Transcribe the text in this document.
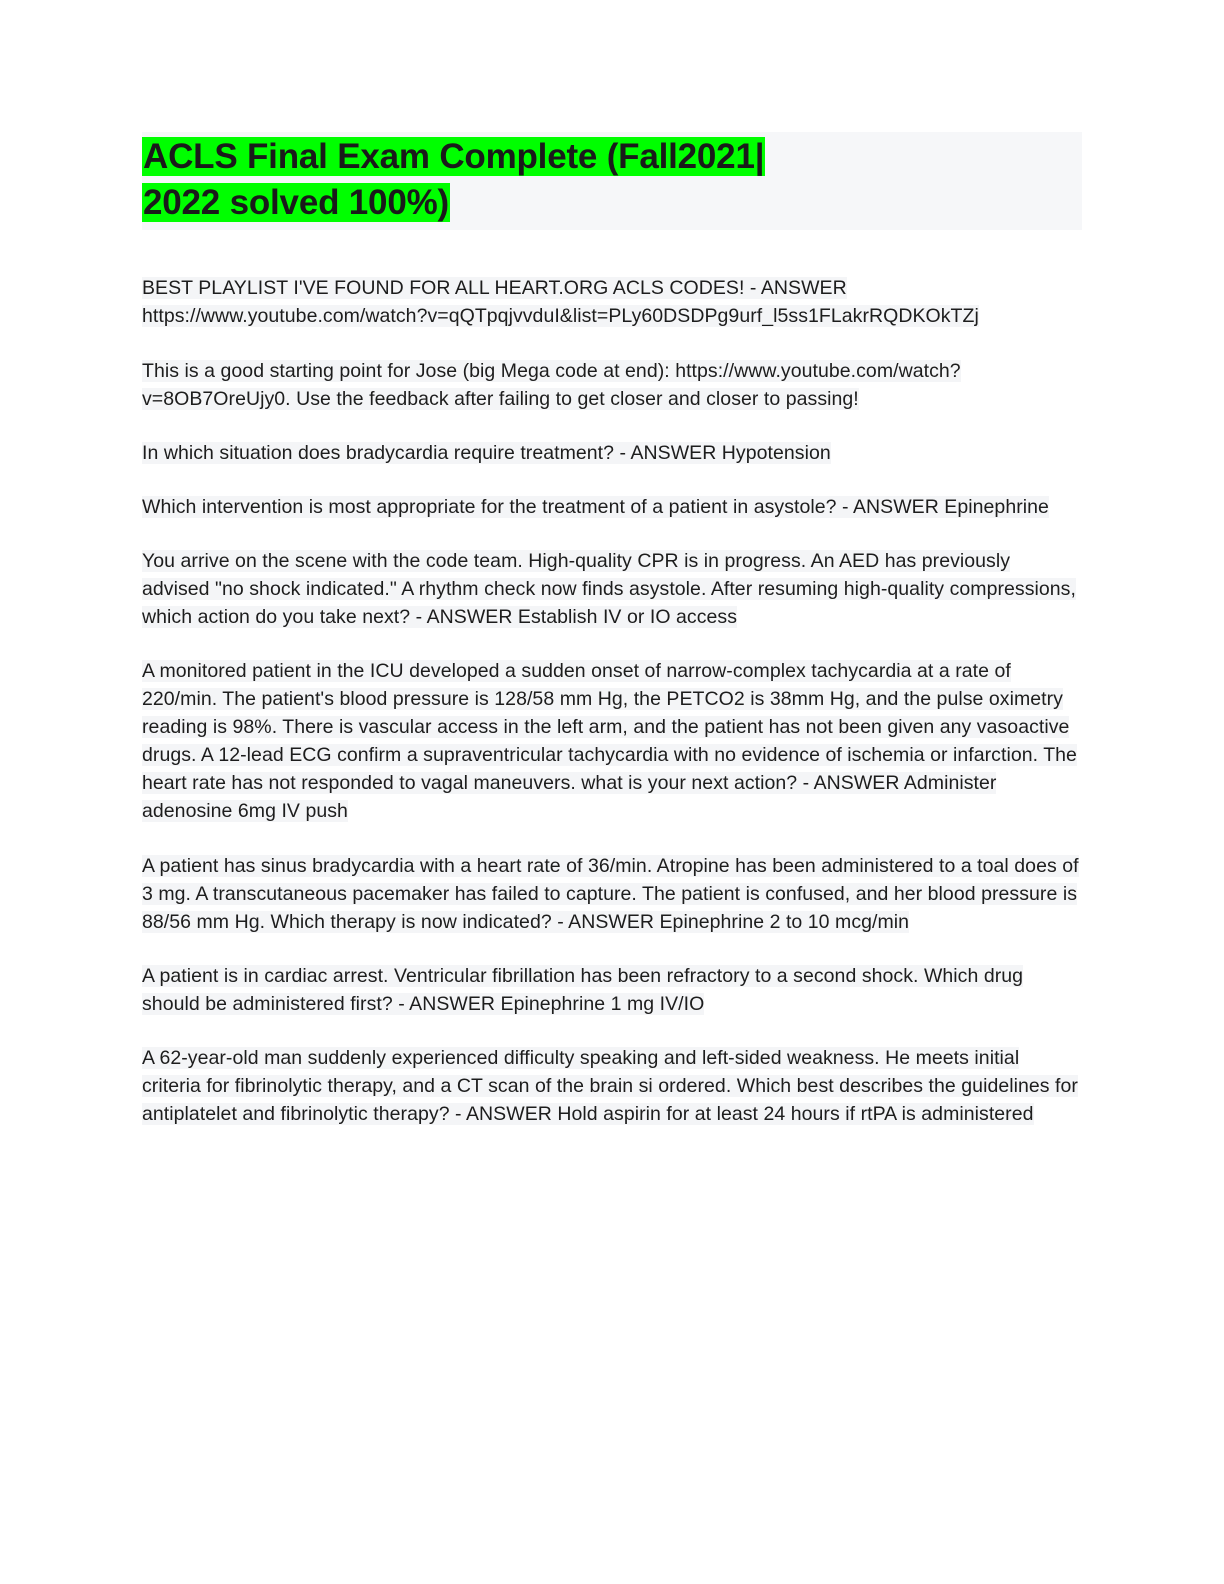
ACLS Final Exam Complete (Fall2021|
2022 solved 100%)

BEST PLAYLIST I'VE FOUND FOR ALL HEART.ORG ACLS CODES! - ANSWER https://www.youtube.com/watch?v=qQTpqjvvduI&list=PLy60DSDPg9urf_l5ss1FLakrRQDKOkTZj

This is a good starting point for Jose (big Mega code at end): https://www.youtube.com/watch?v=8OB7OreUjy0. Use the feedback after failing to get closer and closer to passing!

In which situation does bradycardia require treatment? - ANSWER Hypotension

Which intervention is most appropriate for the treatment of a patient in asystole? - ANSWER Epinephrine

You arrive on the scene with the code team. High-quality CPR is in progress. An AED has previously advised "no shock indicated." A rhythm check now finds asystole. After resuming high-quality compressions, which action do you take next? - ANSWER Establish IV or IO access

A monitored patient in the ICU developed a sudden onset of narrow-complex tachycardia at a rate of 220/min. The patient's blood pressure is 128/58 mm Hg, the PETCO2 is 38mm Hg, and the pulse oximetry reading is 98%. There is vascular access in the left arm, and the patient has not been given any vasoactive drugs. A 12-lead ECG confirm a supraventricular tachycardia with no evidence of ischemia or infarction. The heart rate has not responded to vagal maneuvers. what is your next action? - ANSWER Administer adenosine 6mg IV push

A patient has sinus bradycardia with a heart rate of 36/min. Atropine has been administered to a toal does of 3 mg. A transcutaneous pacemaker has failed to capture. The patient is confused, and her blood pressure is 88/56 mm Hg. Which therapy is now indicated? - ANSWER Epinephrine 2 to 10 mcg/min

A patient is in cardiac arrest. Ventricular fibrillation has been refractory to a second shock. Which drug should be administered first? - ANSWER Epinephrine 1 mg IV/IO

A 62-year-old man suddenly experienced difficulty speaking and left-sided weakness. He meets initial criteria for fibrinolytic therapy, and a CT scan of the brain si ordered. Which best describes the guidelines for antiplatelet and fibrinolytic therapy? - ANSWER Hold aspirin for at least 24 hours if rtPA is administered
